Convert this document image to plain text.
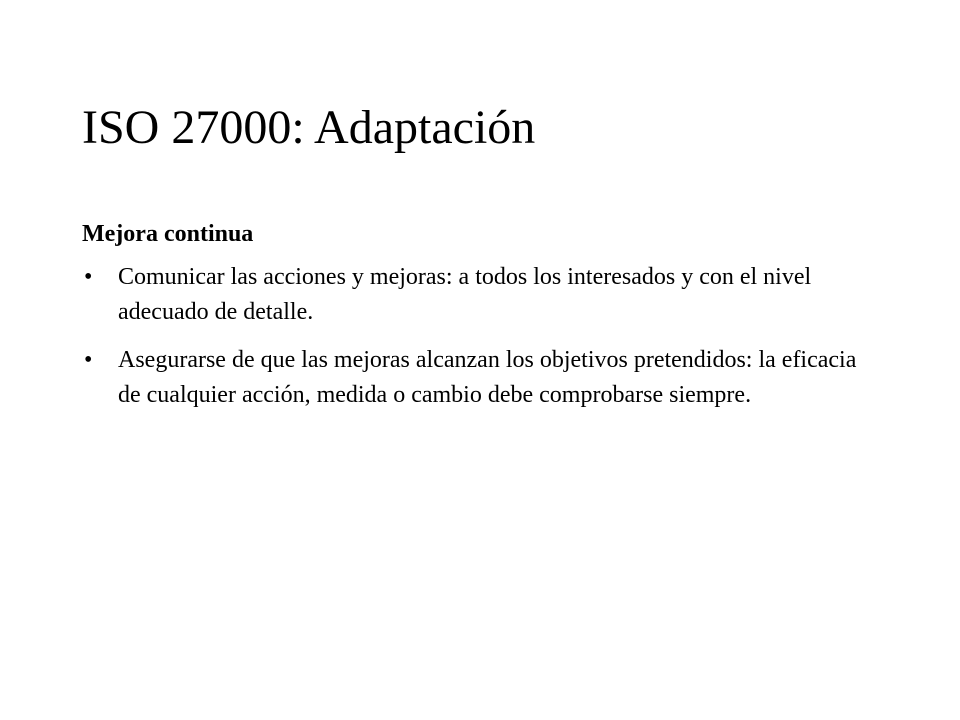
ISO 27000: Adaptación

Mejora continua

• Comunicar las acciones y mejoras: a todos los interesados y con el nivel adecuado de detalle.
• Asegurarse de que las mejoras alcanzan los objetivos pretendidos: la eficacia de cualquier acción, medida o cambio debe comprobarse siempre.
